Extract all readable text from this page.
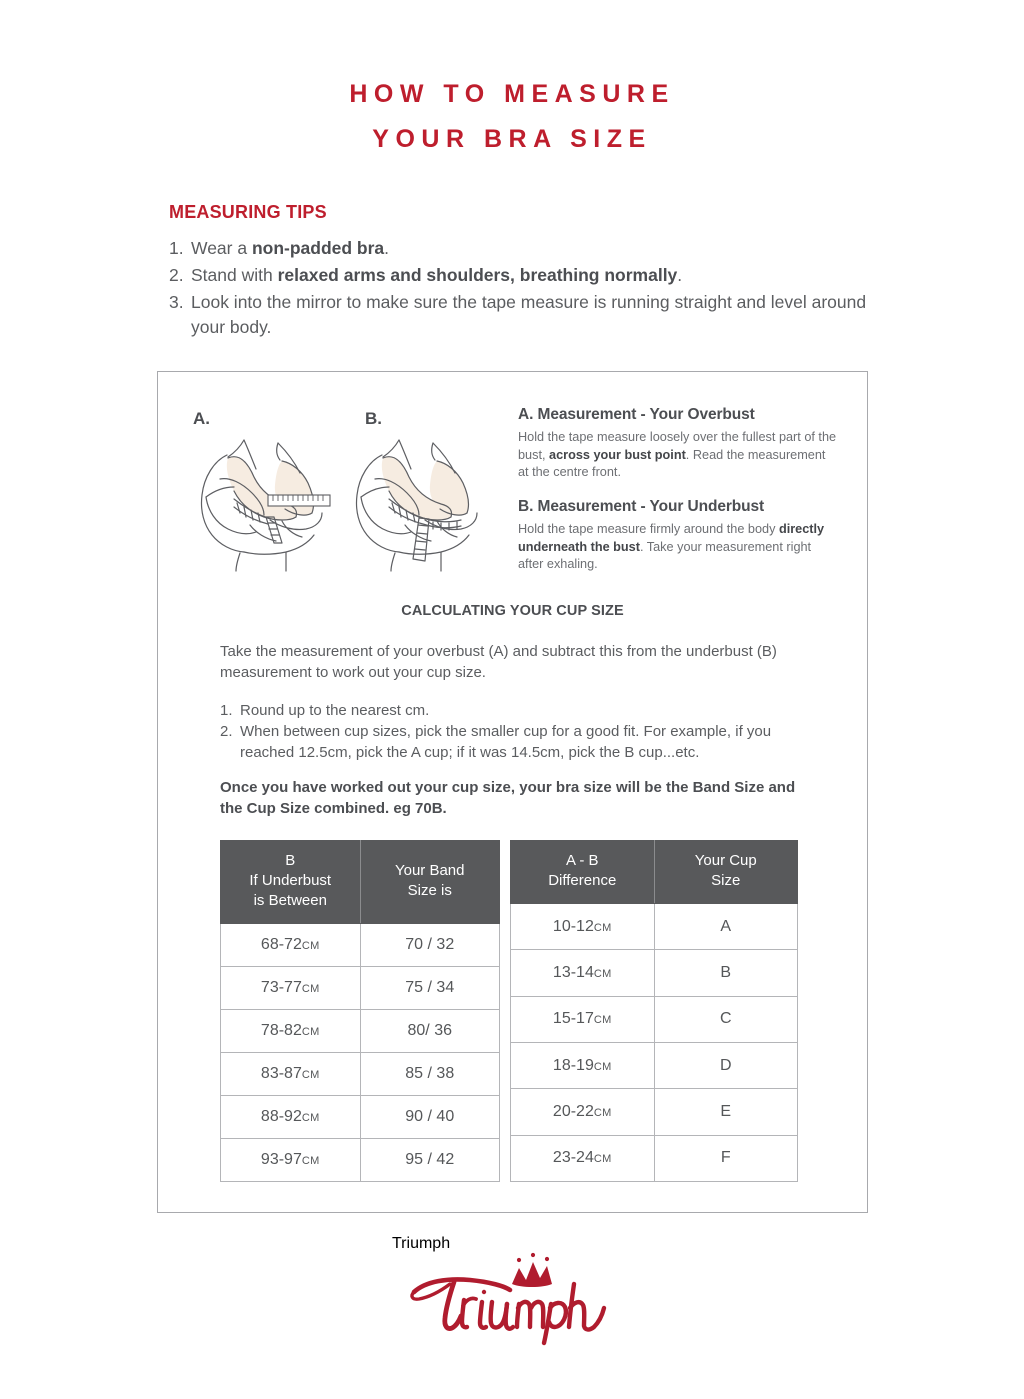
HOW TO MEASURE
YOUR BRA SIZE
MEASURING TIPS
1. Wear a non-padded bra.
2. Stand with relaxed arms and shoulders, breathing normally.
3. Look into the mirror to make sure the tape measure is running straight and level around your body.
A.	B.	A. Measurement - Your Overbust
Hold the tape measure loosely over the fullest part of the bust, across your bust point. Read the measurement at the centre front.
B. Measurement - Your Underbust
Hold the tape measure firmly around the body directly underneath the bust. Take your measurement right after exhaling.
CALCULATING YOUR CUP SIZE
Take the measurement of your overbust (A) and subtract this from the underbust (B) measurement to work out your cup size.
1. Round up to the nearest cm.
2. When between cup sizes, pick the smaller cup for a good fit. For example, if you reached 12.5cm, pick the A cup; if it was 14.5cm, pick the B cup...etc.
Once you have worked out your cup size, your bra size will be the Band Size and the Cup Size combined. eg 70B.
B
If Underbust
is Between

Your Band
Size is

68-72CM	70 / 32
73-77CM	75 / 34
78-82CM	80/ 36
83-87CM	85 / 38
88-92CM	90 / 40
93-97CM	95 / 42
A - B
Difference

Your Cup
Size

10-12CM	A
13-14CM	B
15-17CM	C
18-19CM	D
20-22CM	E
23-24CM	F
Triumph
